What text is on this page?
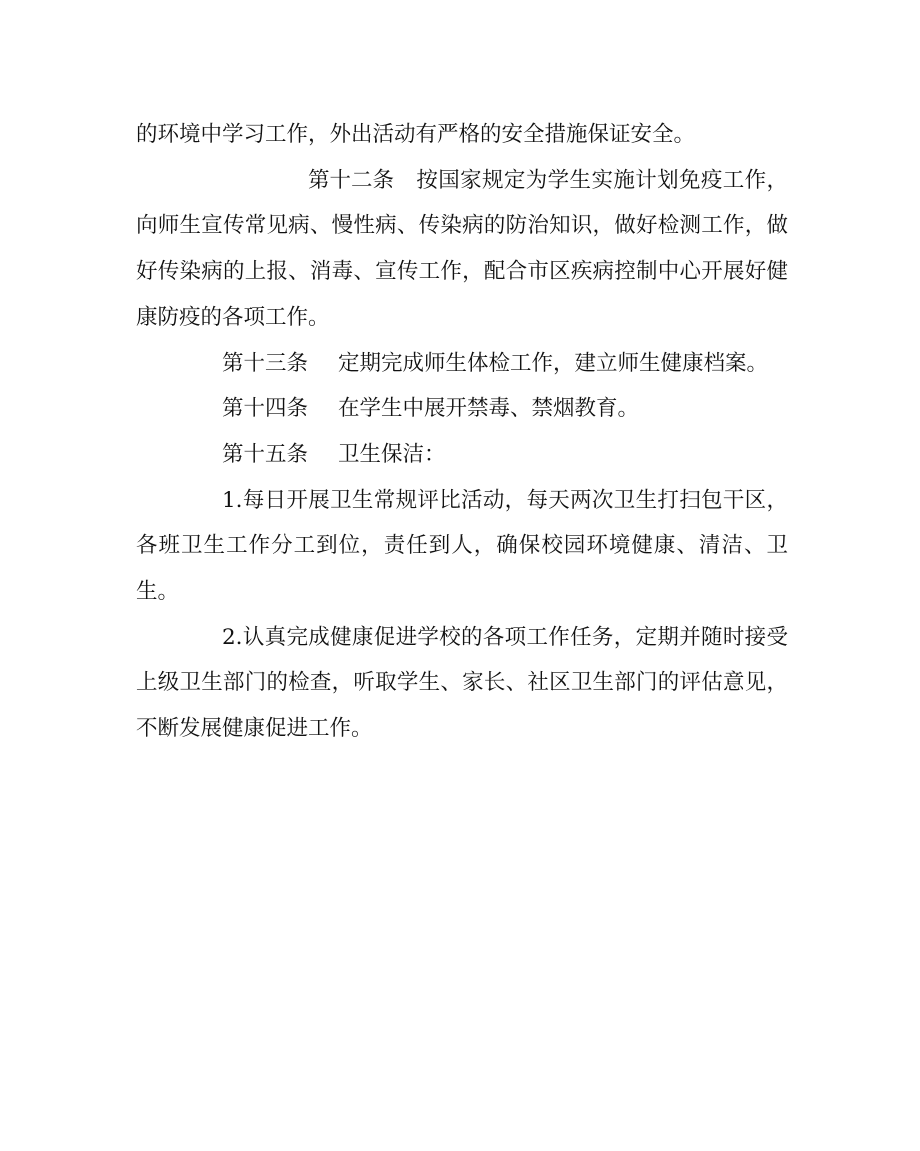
的环境中学习工作，外出活动有严格的安全措施保证安全。

第十二条 按国家规定为学生实施计划免疫工作，向师生宣传常见病、慢性病、传染病的防治知识，做好检测工作，做好传染病的上报、消毒、宣传工作，配合市区疾病控制中心开展好健康防疫的各项工作。

第十三条 定期完成师生体检工作，建立师生健康档案。
第十四条 在学生中展开禁毒、禁烟教育。
第十五条 卫生保洁：

1.每日开展卫生常规评比活动，每天两次卫生打扫包干区，各班卫生工作分工到位，责任到人，确保校园环境健康、清洁、卫生。

2.认真完成健康促进学校的各项工作任务，定期并随时接受上级卫生部门的检查，听取学生、家长、社区卫生部门的评估意见，不断发展健康促进工作。
